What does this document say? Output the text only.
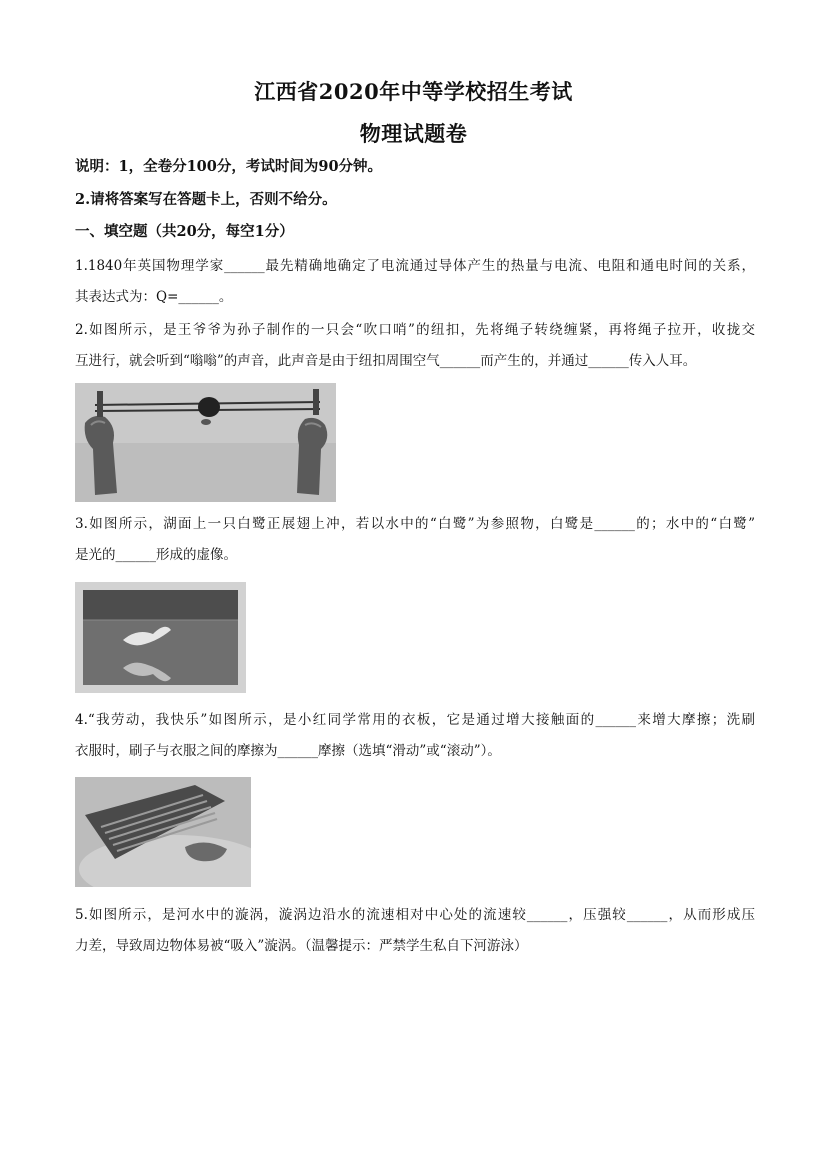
江西省2020年中等学校招生考试
物理试题卷
说明：1，全卷分100分，考试时间为90分钟。
2.请将答案写在答题卡上，否则不给分。
一、填空题（共20分，每空1分）
1.1840年英国物理学家______最先精确地确定了电流通过导体产生的热量与电流、电阻和通电时间的关系，
其表达式为：Q=______。
2.如图所示，是王爷爷为孙子制作的一只会“吹口哨”的纽扣，先将绳子转绕缠紧，再将绳子拉开，收拢交
互进行，就会听到“嗡嗡”的声音，此声音是由于纽扣周围空气______而产生的，并通过______传入人耳。
3.如图所示，湖面上一只白鹭正展翅上冲，若以水中的“白鹭”为参照物，白鹭是______的；水中的“白鹭”
是光的______形成的虚像。
4.“我劳动，我快乐”如图所示，是小红同学常用的衣板，它是通过增大接触面的______来增大摩擦；洗刷
衣服时，刷子与衣服之间的摩擦为______摩擦（选填“滑动”或“滚动”）。
5.如图所示，是河水中的漩涡，漩涡边沿水的流速相对中心处的流速较______，压强较______，从而形成压
力差，导致周边物体易被“吸入”漩涡。（温馨提示：严禁学生私自下河游泳）
